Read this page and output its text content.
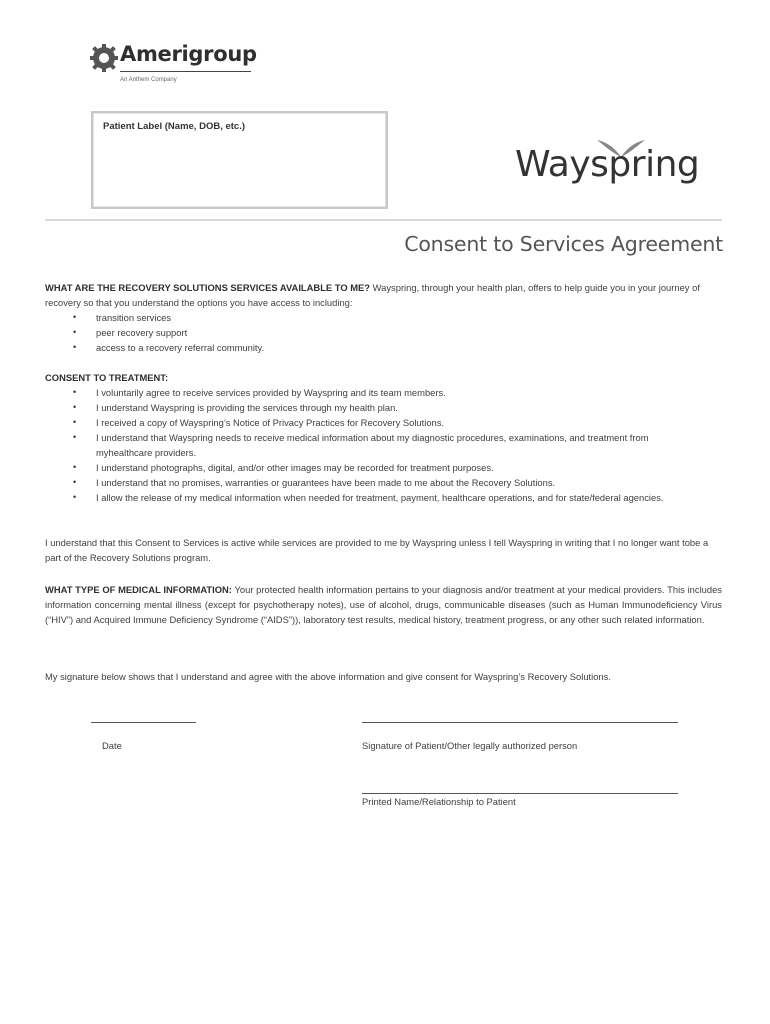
Amerigroup
An Anthem Company
Patient Label (Name, DOB, etc.)
Wayspring
Consent to Services Agreement
WHAT ARE THE RECOVERY SOLUTIONS SERVICES AVAILABLE TO ME? Wayspring, through your health plan, offers to help guide you in your journey of recovery so that you understand the options you have access to including:
• transition services
• peer recovery support
• access to a recovery referral community.
CONSENT TO TREATMENT:
• I voluntarily agree to receive services provided by Wayspring and its team members.
• I understand Wayspring is providing the services through my health plan.
• I received a copy of Wayspring’s Notice of Privacy Practices for Recovery Solutions.
• I understand that Wayspring needs to receive medical information about my diagnostic procedures, examinations, and treatment from myhealthcare providers.
• I understand photographs, digital, and/or other images may be recorded for treatment purposes.
• I understand that no promises, warranties or guarantees have been made to me about the Recovery Solutions.
• I allow the release of my medical information when needed for treatment, payment, healthcare operations, and for state/federal agencies.
I understand that this Consent to Services is active while services are provided to me by Wayspring unless I tell Wayspring in writing that I no longer want tobe a part of the Recovery Solutions program.
WHAT TYPE OF MEDICAL INFORMATION: Your protected health information pertains to your diagnosis and/or treatment at your medical providers. This includes information concerning mental illness (except for psychotherapy notes), use of alcohol, drugs, communicable diseases (such as Human Immunodeficiency Virus (“HIV”) and Acquired Immune Deficiency Syndrome (“AIDS”)), laboratory test results, medical history, treatment progress, or any other such related information.
My signature below shows that I understand and agree with the above information and give consent for Wayspring’s Recovery Solutions.
Date	Signature of Patient/Other legally authorized person
Printed Name/Relationship to Patient
